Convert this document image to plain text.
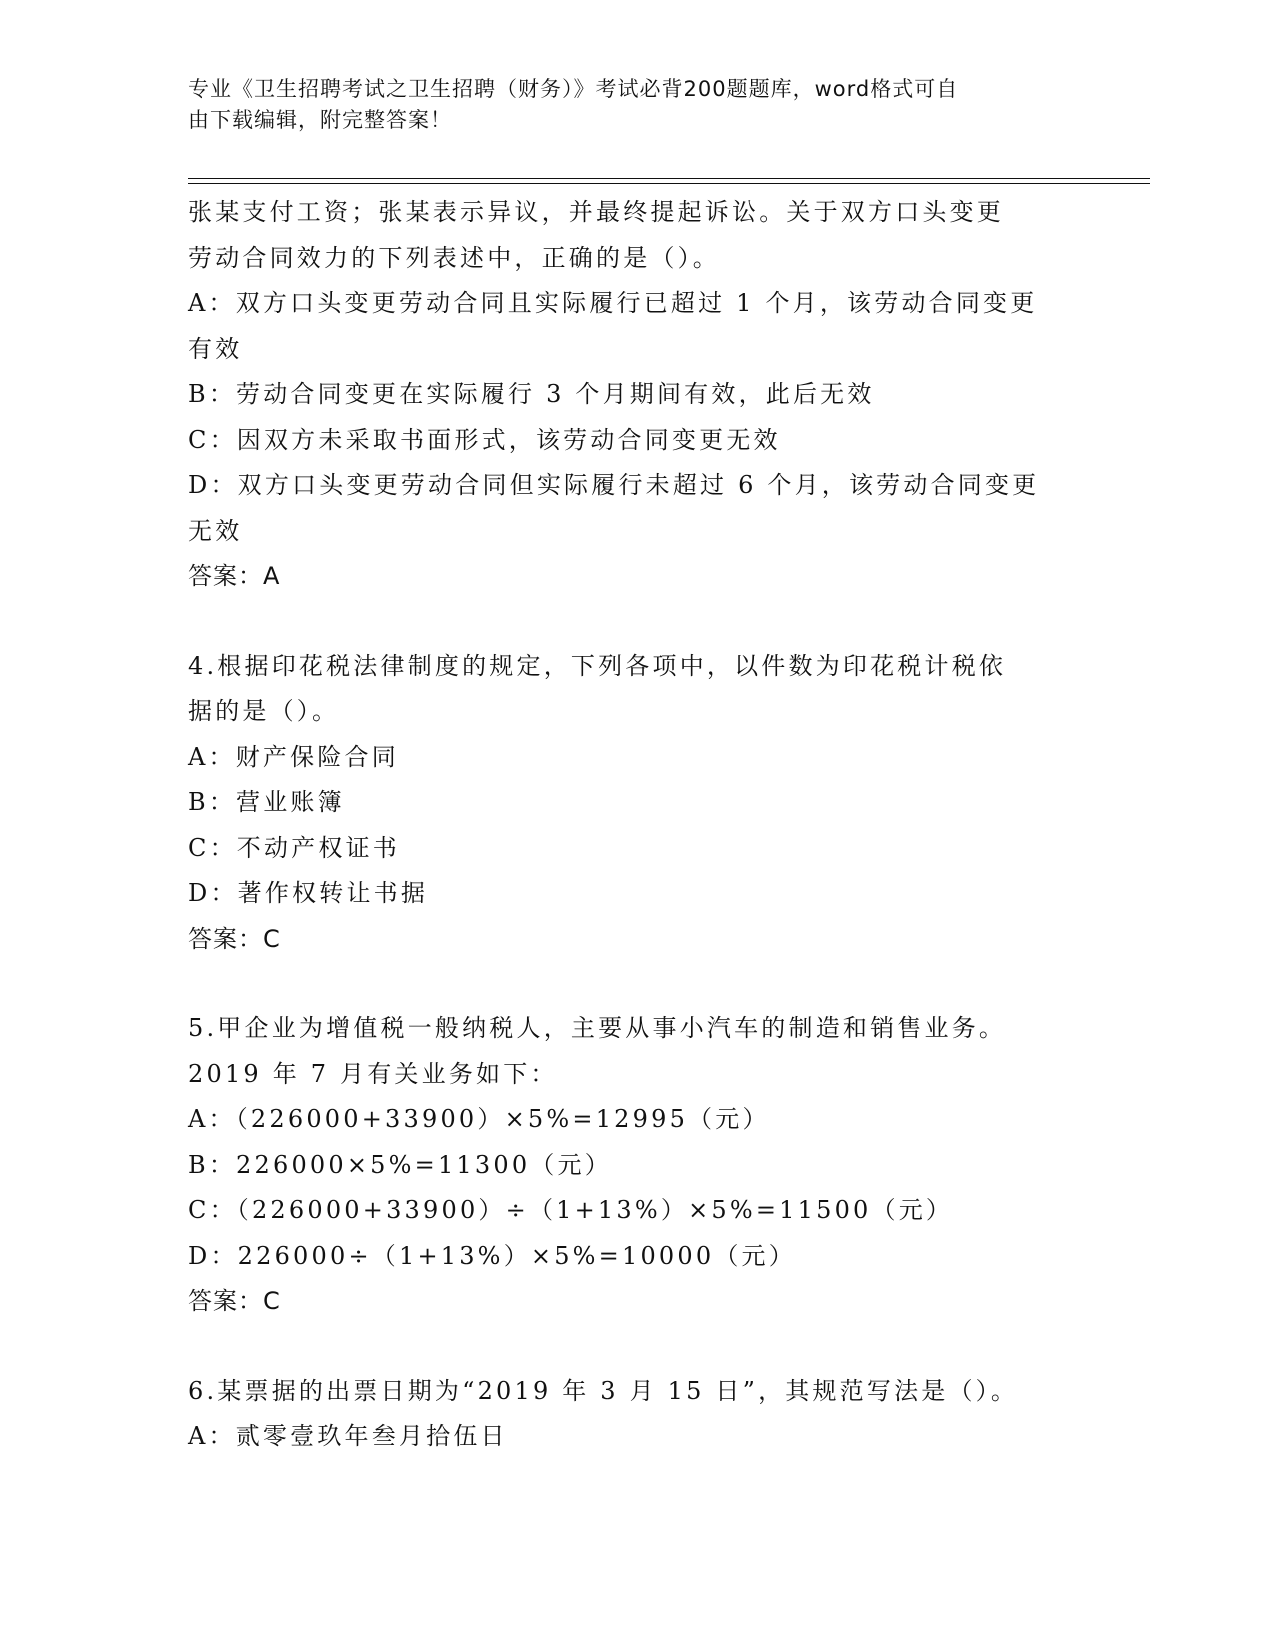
专业《卫生招聘考试之卫生招聘（财务）》考试必背200题题库，word格式可自
由下载编辑，附完整答案！
张某支付工资；张某表示异议，并最终提起诉讼。关于双方口头变更
劳动合同效力的下列表述中，正确的是（）。
A：双方口头变更劳动合同且实际履行已超过 1 个月，该劳动合同变更
有效
B：劳动合同变更在实际履行 3 个月期间有效，此后无效
C：因双方未采取书面形式，该劳动合同变更无效
D：双方口头变更劳动合同但实际履行未超过 6 个月，该劳动合同变更
无效
答案：A
4.根据印花税法律制度的规定，下列各项中，以件数为印花税计税依
据的是（）。
A：财产保险合同
B：营业账簿
C：不动产权证书
D：著作权转让书据
答案：C
5.甲企业为增值税一般纳税人，主要从事小汽车的制造和销售业务。
2019 年 7 月有关业务如下：
A：（226000+33900）×5%=12995（元）
B：226000×5%=11300（元）
C：（226000+33900）÷（1+13%）×5%=11500（元）
D：226000÷（1+13%）×5%=10000（元）
答案：C
6.某票据的出票日期为“2019 年 3 月 15 日”，其规范写法是（）。
A：贰零壹玖年叁月拾伍日
